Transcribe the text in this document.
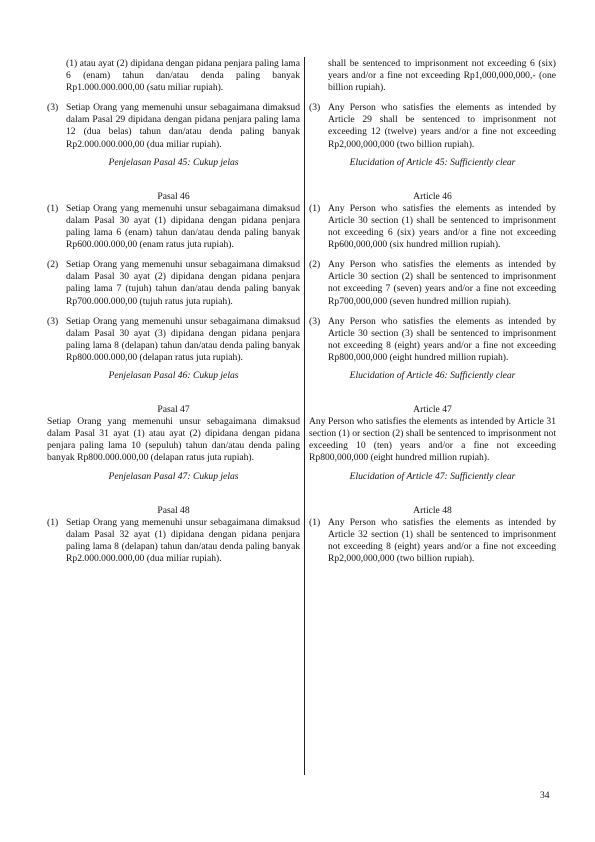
(1) atau ayat (2) dipidana dengan pidana penjara paling lama 6 (enam) tahun dan/atau denda paling banyak Rp1.000.000.000,00 (satu miliar rupiah).
(3) Setiap Orang yang memenuhi unsur sebagaimana dimaksud dalam Pasal 29 dipidana dengan pidana penjara paling lama 12 (dua belas) tahun dan/atau denda paling banyak Rp2.000.000.000,00 (dua miliar rupiah).
Penjelasan Pasal 45: Cukup jelas
Pasal 46
(1) Setiap Orang yang memenuhi unsur sebagaimana dimaksud dalam Pasal 30 ayat (1) dipidana dengan pidana penjara paling lama 6 (enam) tahun dan/atau denda paling banyak Rp600.000.000,00 (enam ratus juta rupiah).
(2) Setiap Orang yang memenuhi unsur sebagaimana dimaksud dalam Pasal 30 ayat (2) dipidana dengan pidana penjara paling lama 7 (tujuh) tahun dan/atau denda paling banyak Rp700.000.000,00 (tujuh ratus juta rupiah).
(3) Setiap Orang yang memenuhi unsur sebagaimana dimaksud dalam Pasal 30 ayat (3) dipidana dengan pidana penjara paling lama 8 (delapan) tahun dan/atau denda paling banyak Rp800.000.000,00 (delapan ratus juta rupiah).
Penjelasan Pasal 46: Cukup jelas
Pasal 47
Setiap Orang yang memenuhi unsur sebagaimana dimaksud dalam Pasal 31 ayat (1) atau ayat (2) dipidana dengan pidana penjara paling lama 10 (sepuluh) tahun dan/atau denda paling banyak Rp800.000.000,00 (delapan ratus juta rupiah).
Penjelasan Pasal 47: Cukup jelas
Pasal 48
(1) Setiap Orang yang memenuhi unsur sebagaimana dimaksud dalam Pasal 32 ayat (1) dipidana dengan pidana penjara paling lama 8 (delapan) tahun dan/atau denda paling banyak Rp2.000.000.000,00 (dua miliar rupiah).
shall be sentenced to imprisonment not exceeding 6 (six) years and/or a fine not exceeding Rp1,000,000,000,- (one billion rupiah).
(3) Any Person who satisfies the elements as intended by Article 29 shall be sentenced to imprisonment not exceeding 12 (twelve) years and/or a fine not exceeding Rp2,000,000,000 (two billion rupiah).
Elucidation of Article 45: Sufficiently clear
Article 46
(1) Any Person who satisfies the elements as intended by Article 30 section (1) shall be sentenced to imprisonment not exceeding 6 (six) years and/or a fine not exceeding Rp600,000,000 (six hundred million rupiah).
(2) Any Person who satisfies the elements as intended by Article 30 section (2) shall be sentenced to imprisonment not exceeding 7 (seven) years and/or a fine not exceeding Rp700,000,000 (seven hundred million rupiah).
(3) Any Person who satisfies the elements as intended by Article 30 section (3) shall be sentenced to imprisonment not exceeding 8 (eight) years and/or a fine not exceeding Rp800,000,000 (eight hundred million rupiah).
Elucidation of Article 46: Sufficiently clear
Article 47
Any Person who satisfies the elements as intended by Article 31 section (1) or section (2) shall be sentenced to imprisonment not exceeding 10 (ten) years and/or a fine not exceeding Rp800,000,000 (eight hundred million rupiah).
Elucidation of Article 47: Sufficiently clear
Article 48
(1) Any Person who satisfies the elements as intended by Article 32 section (1) shall be sentenced to imprisonment not exceeding 8 (eight) years and/or a fine not exceeding Rp2,000,000,000 (two billion rupiah).
34
